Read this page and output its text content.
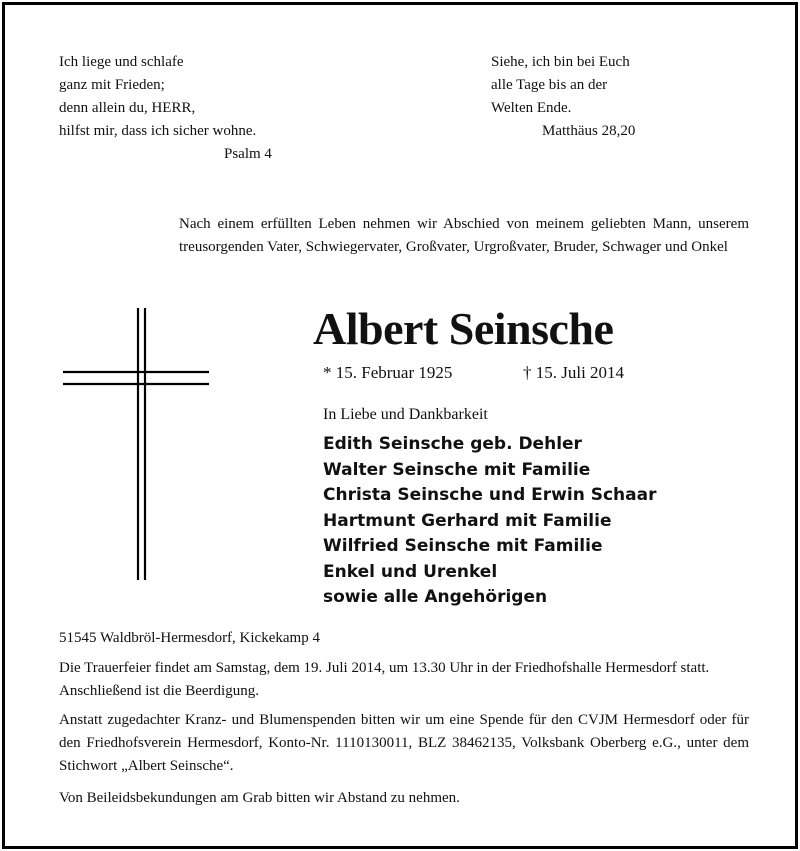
Ich liege und schlafe
ganz mit Frieden;
denn allein du, HERR,
hilfst mir, dass ich sicher wohne.
Psalm 4
Siehe, ich bin bei Euch
alle Tage bis an der
Welten Ende.
Matthäus 28,20
Nach einem erfüllten Leben nehmen wir Abschied von meinem geliebten Mann, unserem treusorgenden Vater, Schwiegervater, Großvater, Urgroßvater, Bruder, Schwager und Onkel
Albert Seinsche
* 15. Februar 1925	† 15. Juli 2014
In Liebe und Dankbarkeit
Edith Seinsche geb. Dehler
Walter Seinsche mit Familie
Christa Seinsche und Erwin Schaar
Hartmunt Gerhard mit Familie
Wilfried Seinsche mit Familie
Enkel und Urenkel
sowie alle Angehörigen
51545 Waldbröl-Hermesdorf, Kickekamp 4
Die Trauerfeier findet am Samstag, dem 19. Juli 2014, um 13.30 Uhr in der Friedhofshalle Hermesdorf statt. Anschließend ist die Beerdigung.
Anstatt zugedachter Kranz- und Blumenspenden bitten wir um eine Spende für den CVJM Hermesdorf oder für den Friedhofsverein Hermesdorf, Konto-Nr. 1110130011, BLZ 38462135, Volksbank Oberberg e.G., unter dem Stichwort „Albert Seinsche“.
Von Beileidsbekundungen am Grab bitten wir Abstand zu nehmen.
